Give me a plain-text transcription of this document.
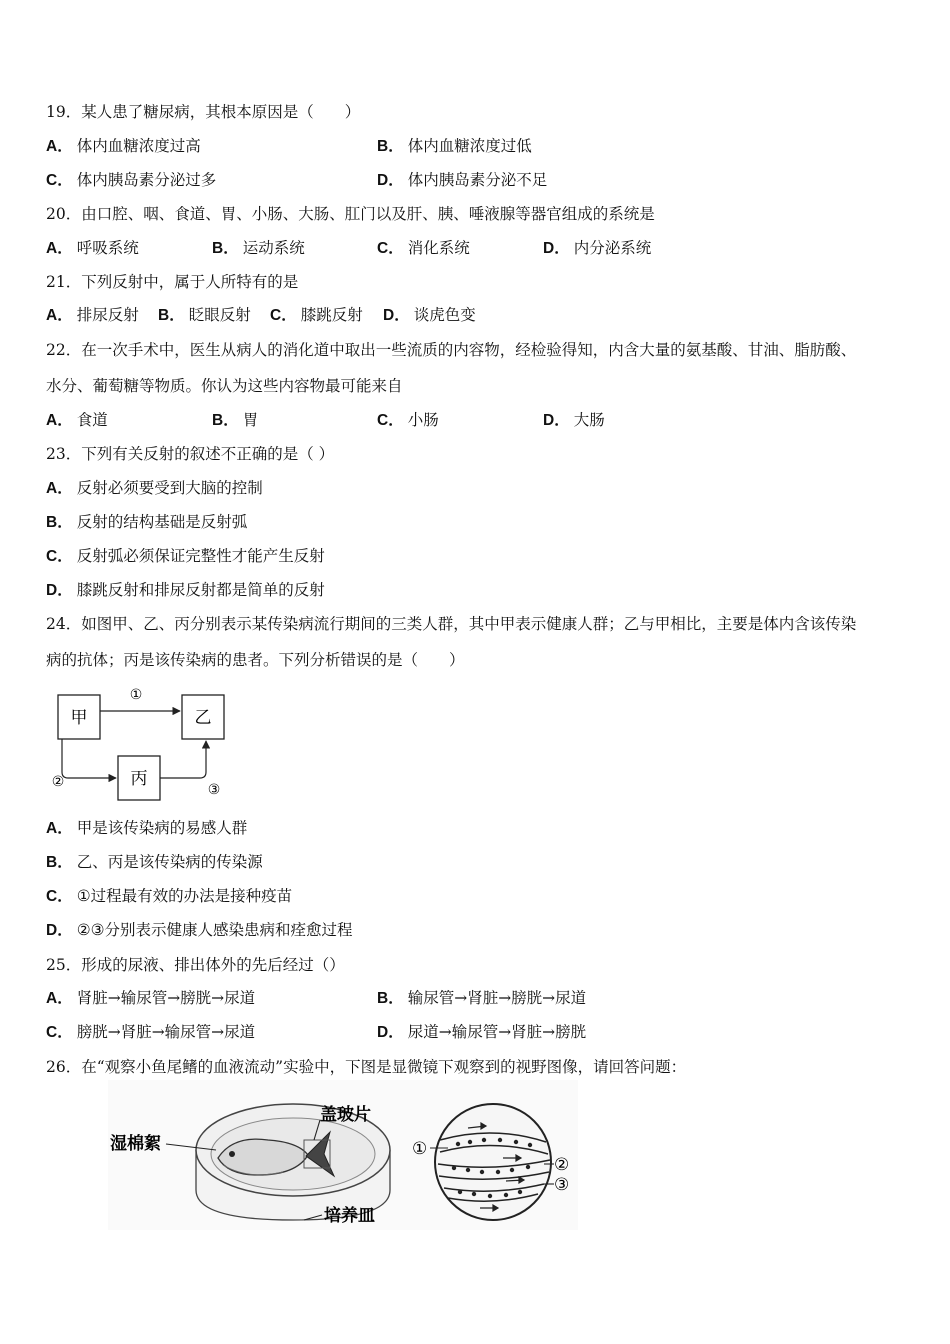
19．某人患了糖尿病，其根本原因是（　　）
A． 体内血糖浓度过高	B． 体内血糖浓度过低
C． 体内胰岛素分泌过多	D． 体内胰岛素分泌不足
20．由口腔、咽、食道、胃、小肠、大肠、肛门以及肝、胰、唾液腺等器官组成的系统是
A． 呼吸系统	B． 运动系统	C． 消化系统	D． 内分泌系统
21．下列反射中，属于人所特有的是
A． 排尿反射 B． 眨眼反射 C． 膝跳反射 D． 谈虎色变
22．在一次手术中，医生从病人的消化道中取出一些流质的内容物，经检验得知，内含大量的氨基酸、甘油、脂肪酸、
水分、葡萄糖等物质。你认为这些内容物最可能来自
A． 食道	B． 胃	C． 小肠	D． 大肠
23．下列有关反射的叙述不正确的是（ ）
A． 反射必须要受到大脑的控制
B． 反射的结构基础是反射弧
C． 反射弧必须保证完整性才能产生反射
D． 膝跳反射和排尿反射都是简单的反射
24．如图甲、乙、丙分别表示某传染病流行期间的三类人群，其中甲表示健康人群；乙与甲相比，主要是体内含该传染
病的抗体；丙是该传染病的患者。下列分析错误的是（　　）
甲	乙
丙
①
②	③
A． 甲是该传染病的易感人群
B． 乙、丙是该传染病的传染源
C． ①过程最有效的办法是接种疫苗
D． ②③分别表示健康人感染患病和痊愈过程
25．形成的尿液、排出体外的先后经过（）
A． 肾脏→输尿管→膀胱→尿道	B． 输尿管→肾脏→膀胱→尿道
C． 膀胱→肾脏→输尿管→尿道	D． 尿道→输尿管→肾脏→膀胱
26．在“观察小鱼尾鳍的血液流动”实验中，下图是显微镜下观察到的视野图像，请回答问题：
湿棉絮
盖玻片
培养皿
①
②
③
